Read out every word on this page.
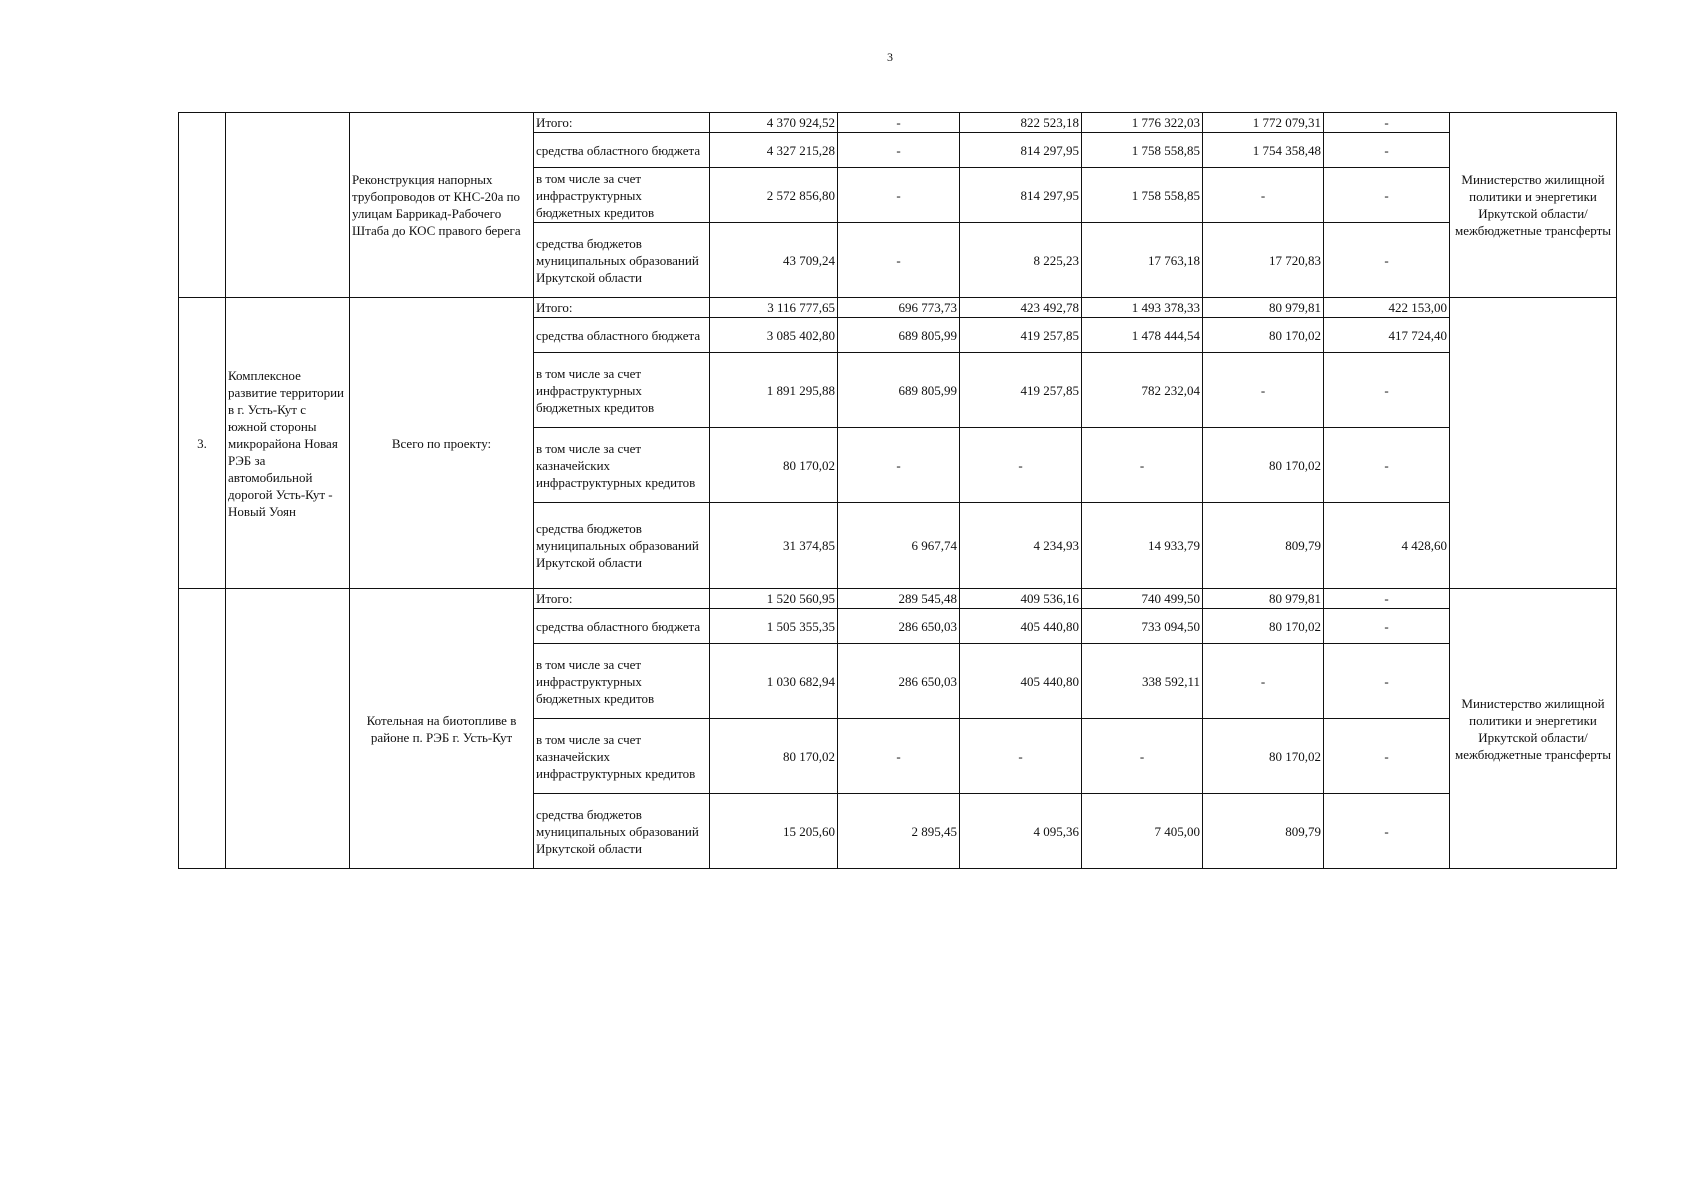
3
		Реконструкция напорных трубопроводов от КНС-20а по улицам Баррикад-Рабочего Штаба до КОС правого берега	Итого:	4 370 924,52	-	822 523,18	1 776 322,03	1 772 079,31	-	Министерство жилищной политики и энергетики Иркутской области/ межбюджетные трансферты
			средства областного бюджета	4 327 215,28	-	814 297,95	1 758 558,85	1 754 358,48	-	
			в том числе за счет инфраструктурных бюджетных кредитов	2 572 856,80	-	814 297,95	1 758 558,85	-	-	
			средства бюджетов муниципальных образований Иркутской области	43 709,24	-	8 225,23	17 763,18	17 720,83	-	
3.	Комплексное развитие территории в г. Усть-Кут с южной стороны микрорайона Новая РЭБ за автомобильной дорогой Усть-Кут - Новый Уоян	Всего по проекту:	Итого:	3 116 777,65	696 773,73	423 492,78	1 493 378,33	80 979,81	422 153,00	
			средства областного бюджета	3 085 402,80	689 805,99	419 257,85	1 478 444,54	80 170,02	417 724,40	
			в том числе за счет инфраструктурных бюджетных кредитов	1 891 295,88	689 805,99	419 257,85	782 232,04	-	-	
			в том числе за счет казначейских инфраструктурных кредитов	80 170,02	-	-	-	80 170,02	-	
			средства бюджетов муниципальных образований Иркутской области	31 374,85	6 967,74	4 234,93	14 933,79	809,79	4 428,60	
		Котельная на биотопливе в районе п. РЭБ г. Усть-Кут	Итого:	1 520 560,95	289 545,48	409 536,16	740 499,50	80 979,81	-	Министерство жилищной политики и энергетики Иркутской области/ межбюджетные трансферты
			средства областного бюджета	1 505 355,35	286 650,03	405 440,80	733 094,50	80 170,02	-	
			в том числе за счет инфраструктурных бюджетных кредитов	1 030 682,94	286 650,03	405 440,80	338 592,11	-	-	
			в том числе за счет казначейских инфраструктурных кредитов	80 170,02	-	-	-	80 170,02	-	
			средства бюджетов муниципальных образований Иркутской области	15 205,60	2 895,45	4 095,36	7 405,00	809,79	-	
